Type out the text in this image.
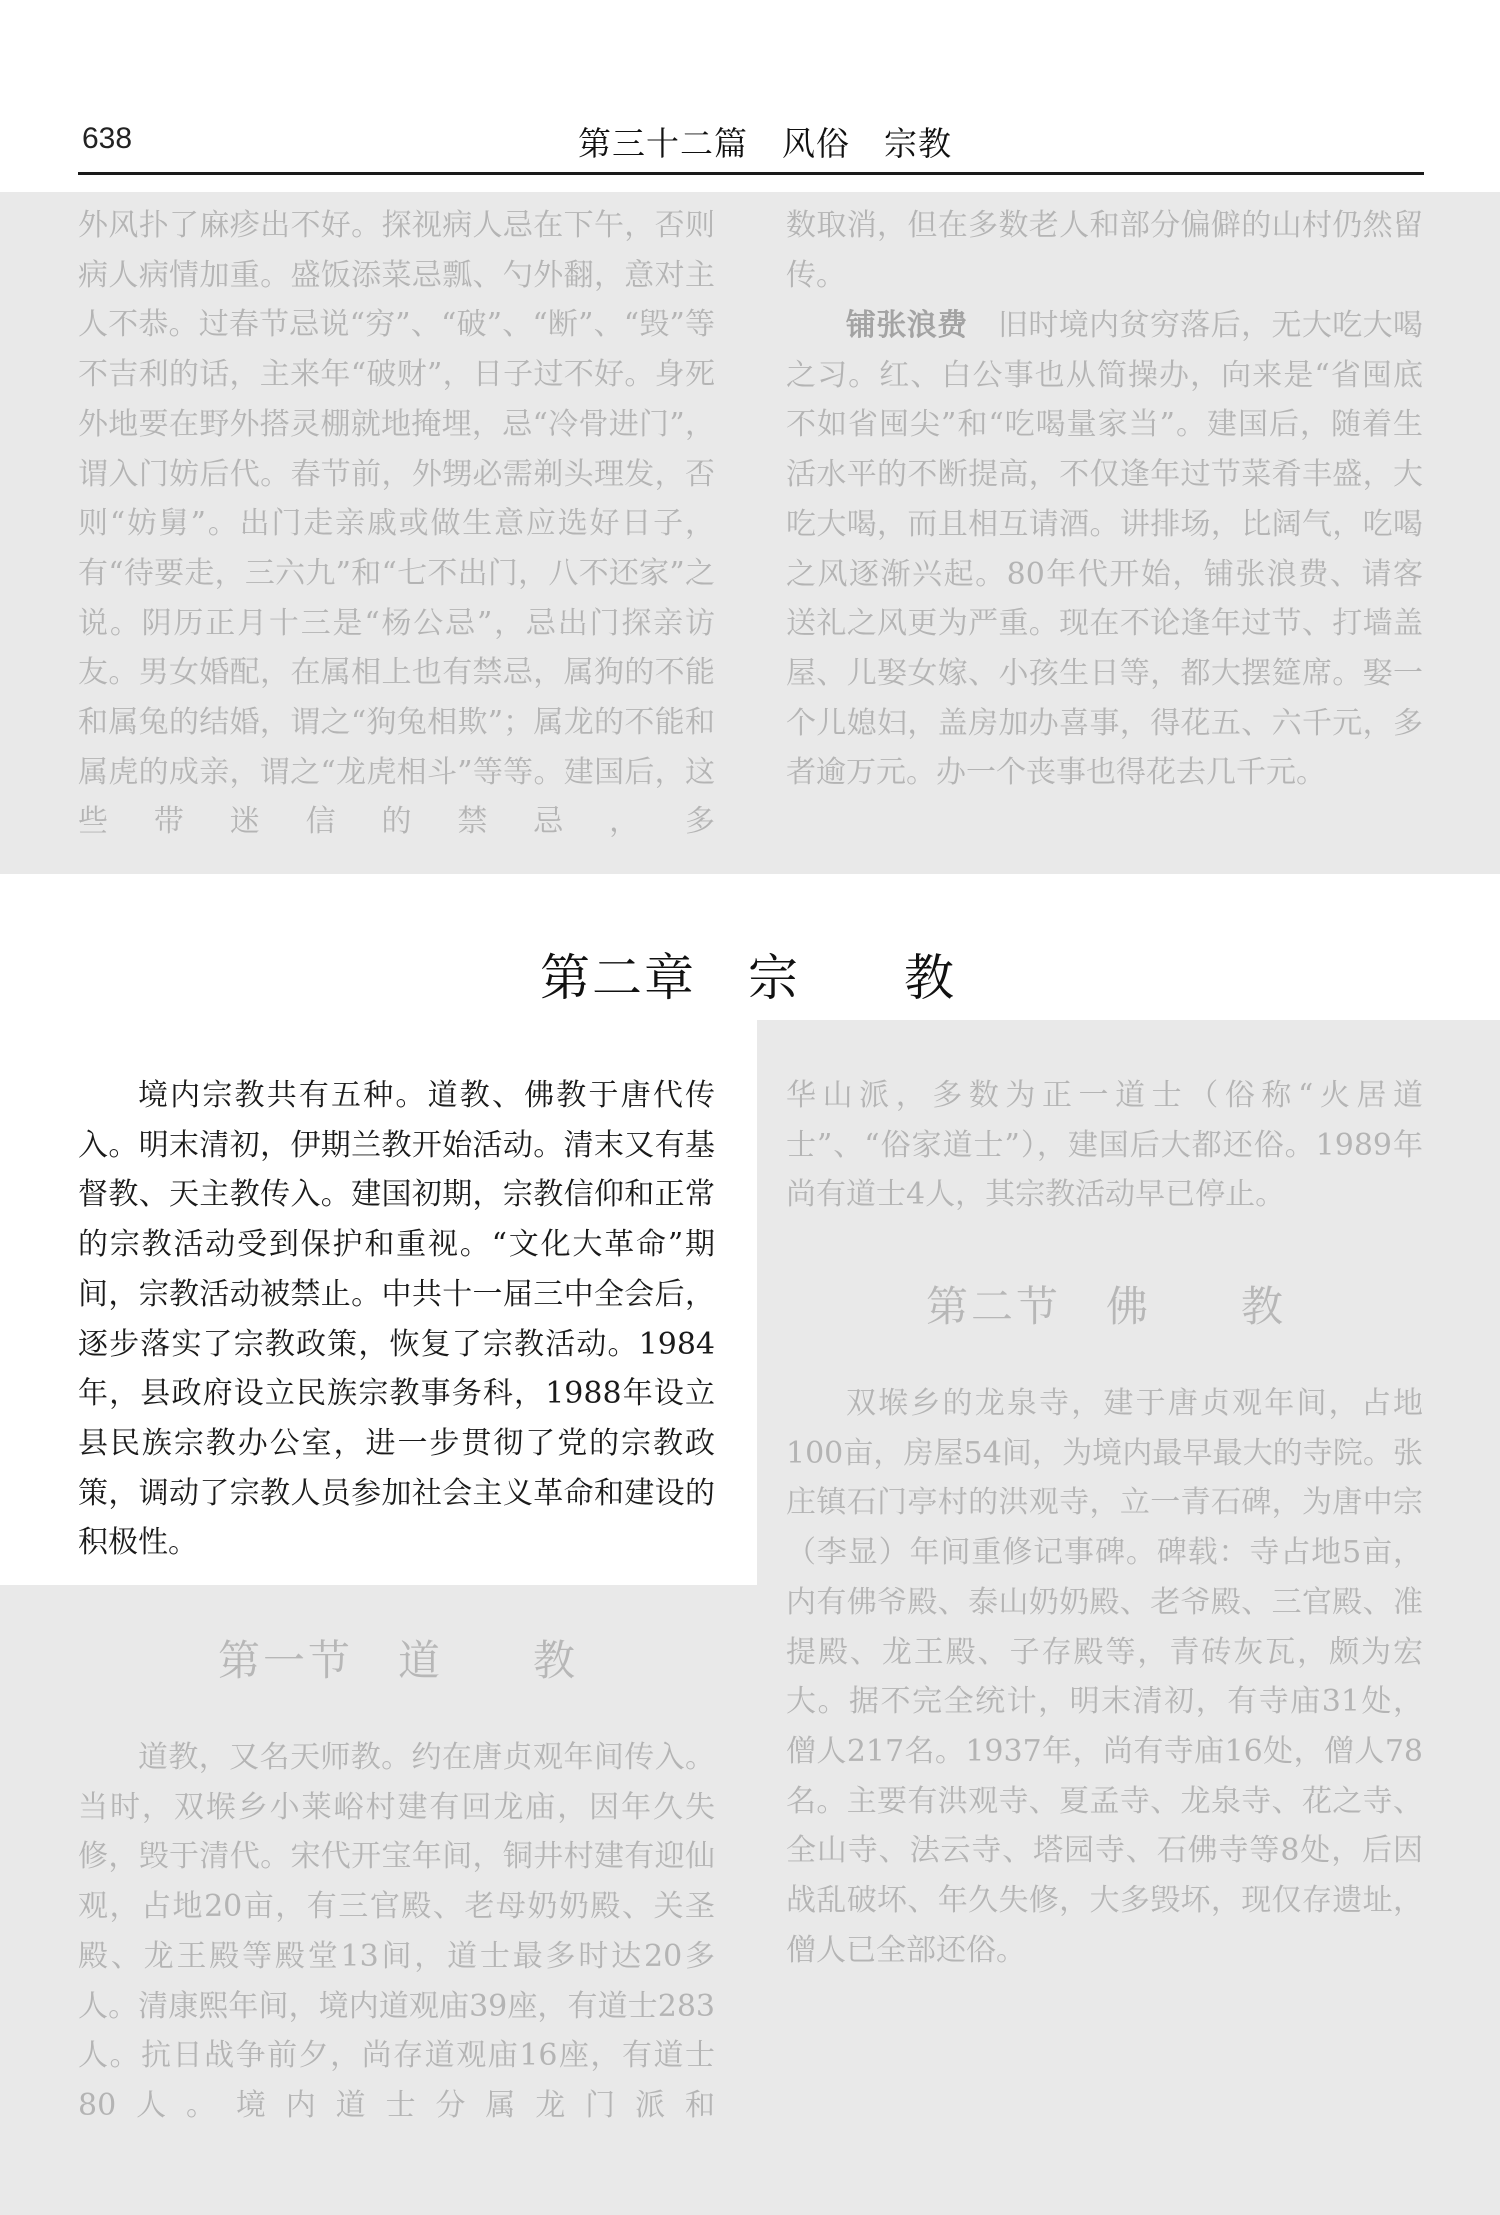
638	第三十二篇　风俗　宗教

外风扑了麻疹出不好。探视病人忌在下午，否则病人病情加重。盛饭添菜忌瓢、勺外翻，意对主人不恭。过春节忌说“穷”、“破”、“断”、“毁”等不吉利的话，主来年“破财”，日子过不好。身死外地要在野外搭灵棚就地掩埋，忌“冷骨进门”，谓入门妨后代。春节前，外甥必需剃头理发，否则“妨舅”。出门走亲戚或做生意应选好日子，有“待要走，三六九”和“七不出门，八不还家”之说。阴历正月十三是“杨公忌”，忌出门探亲访友。男女婚配，在属相上也有禁忌，属狗的不能和属兔的结婚，谓之“狗兔相欺”；属龙的不能和属虎的成亲，谓之“龙虎相斗”等等。建国后，这些带迷信的禁忌，多

数取消，但在多数老人和部分偏僻的山村仍然留传。

铺张浪费　 旧时境内贫穷落后，无大吃大喝之习。红、白公事也从简操办，向来是“省囤底不如省囤尖”和“吃喝量家当”。建国后，随着生活水平的不断提高，不仅逢年过节菜肴丰盛，大吃大喝，而且相互请酒。讲排场，比阔气，吃喝之风逐渐兴起。80年代开始，铺张浪费、请客送礼之风更为严重。现在不论逢年过节、打墙盖屋、儿娶女嫁、小孩生日等，都大摆筵席。娶一个儿媳妇，盖房加办喜事，得花五、六千元，多者逾万元。办一个丧事也得花去几千元。

第二章　宗　　教

境内宗教共有五种。道教、佛教于唐代传入。明末清初，伊期兰教开始活动。清末又有基督教、天主教传入。建国初期，宗教信仰和正常的宗教活动受到保护和重视。“文化大革命”期间，宗教活动被禁止。中共十一届三中全会后，逐步落实了宗教政策，恢复了宗教活动。1984年，县政府设立民族宗教事务科，1988年设立县民族宗教办公室，进一步贯彻了党的宗教政策，调动了宗教人员参加社会主义革命和建设的积极性。

华山派，多数为正一道士（俗称“火居道士”、“俗家道士”），建国后大都还俗。1989年尚有道士4人，其宗教活动早已停止。

第二节　佛　　教

双堠乡的龙泉寺，建于唐贞观年间，占地100亩，房屋54间，为境内最早最大的寺院。张庄镇石门亭村的洪观寺，立一青石碑，为唐中宗（李显）年间重修记事碑。碑载：寺占地5亩，内有佛爷殿、泰山奶奶殿、老爷殿、三官殿、准提殿、龙王殿、子存殿等，青砖灰瓦，颇为宏大。据不完全统计，明末清初，有寺庙31处，僧人217名。1937年，尚有寺庙16处，僧人78名。主要有洪观寺、夏孟寺、龙泉寺、花之寺、全山寺、法云寺、塔园寺、石佛寺等8处，后因战乱破坏、年久失修，大多毁坏，现仅存遗址，僧人已全部还俗。

第一节　道　　教

道教，又名天师教。约在唐贞观年间传入。当时，双堠乡小莱峪村建有回龙庙，因年久失修，毁于清代。宋代开宝年间，铜井村建有迎仙观，占地20亩，有三官殿、老母奶奶殿、关圣殿、龙王殿等殿堂13间，道士最多时达20多人。清康熙年间，境内道观庙39座，有道士283人。抗日战争前夕，尚存道观庙16座，有道士80人。境内道士分属龙门派和
